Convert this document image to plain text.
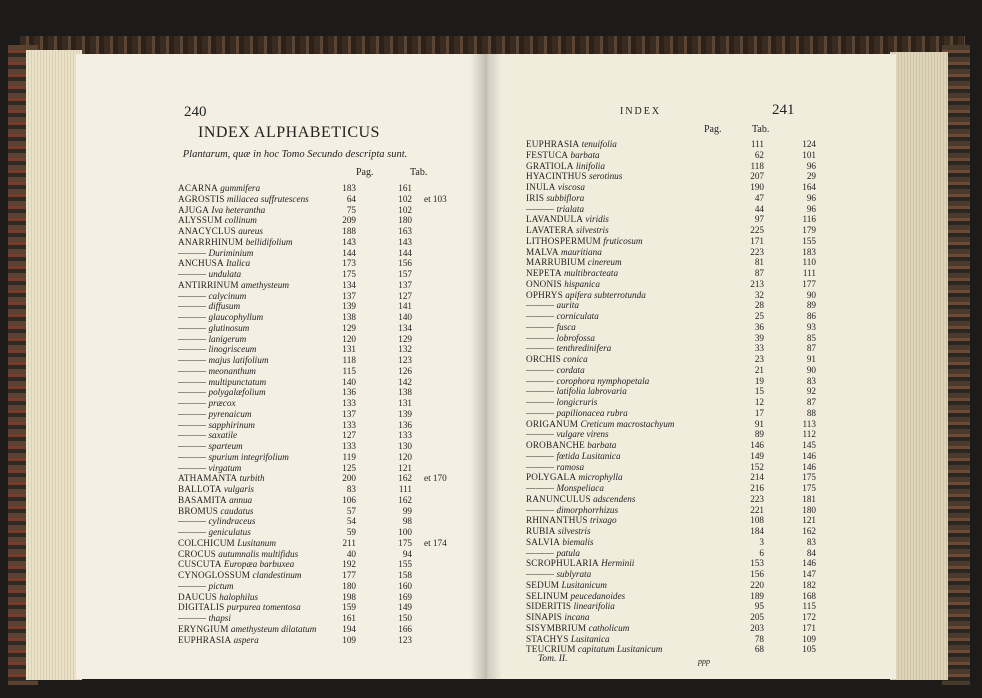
240
INDEX ALPHABETICUS
Plantarum, quæ in hoc Tomo Secundo descripta sunt.
Pag.	Tab.
ACARNA gummifera	183	161
AGROSTIS miliacea suffrutescens	64	102 et 103
AJUGA Iva heterantha	75	102
ALYSSUM collinum	209	180
ANACYCLUS aureus	188	163
ANARRHINUM bellidifolium	143	143
——— Duriminium	144	144
ANCHUSA Italica	173	156
——— undulata	175	157
ANTIRRINUM amethysteum	134	137
——— calycinum	137	127
——— diffusum	139	141
——— glaucophyllum	138	140
——— glutinosum	129	134
——— lanigerum	120	129
——— linogrisceum	131	132
——— majus latifolium	118	123
——— meonanthum	115	126
——— multipunctatum	140	142
——— polygalæfolium	136	138
——— præcox	133	131
——— pyrenaicum	137	139
——— sapphirinum	133	136
——— saxatile	127	133
——— sparteum	133	130
——— spurium integrifolium	119	120
——— virgatum	125	121
ATHAMANTA turbith	200	162 et 170
BALLOTA vulgaris	83	111
BASAMITA annua	106	162
BROMUS caudatus	57	99
——— cylindraceus	54	98
——— geniculatus	59	100
COLCHICUM Lusitanum	211	175 et 174
CROCUS autumnalis multifidus	40	94
CUSCUTA Europæa barbuxea	192	155
CYNOGLOSSUM clandestinum	177	158
——— pictum	180	160
DAUCUS halophilus	198	169
DIGITALIS purpurea tomentosa	159	149
——— thapsi	161	150
ERYNGIUM amethysteum dilatatum	194	166
EUPHRASIA aspera	109	123
INDEX	241
Pag.	Tab.
EUPHRASIA tenuifolia	111	124
FESTUCA barbata	62	101
GRATIOLA linifolia	118	96
HYACINTHUS serotinus	207	29
INULA viscosa	190	164
IRIS subbiflora	47	96
——— trialata	44	96
LAVANDULA viridis	97	116
LAVATERA silvestris	225	179
LITHOSPERMUM fruticosum	171	155
MALVA mauritiana	223	183
MARRUBIUM cinereum	81	110
NEPETA multibracteata	87	111
ONONIS hispanica	213	177
OPHRYS apifera subterrotunda	32	90
——— aurita	28	89
——— corniculata	25	86
——— fusca	36	93
——— lobrofossa	39	85
——— tenthredinifera	33	87
ORCHIS conica	23	91
——— cordata	21	90
——— corophora nymphopetala	19	83
——— latifolia labrovaria	15	92
——— longicruris	12	87
——— papilionacea rubra	17	88
ORIGANUM Creticum macrostachyum	91	113
——— vulgare virens	89	112
OROBANCHE barbata	146	145
——— fœtida Lusitanica	149	146
——— ramosa	152	146
POLYGALA microphylla	214	175
——— Monspeliaca	216	175
RANUNCULUS adscendens	223	181
——— dimorphorrhizus	221	180
RHINANTHUS trixago	108	121
RUBIA silvestris	184	162
SALVIA biemalis	3	83
——— patula	6	84
SCROPHULARIA Herminii	153	146
——— sublyrata	156	147
SEDUM Lusitanicum	220	182
SELINUM peucedanoides	189	168
SIDERITIS linearifolia	95	115
SINAPIS incana	205	172
SISYMBRIUM catholicum	203	171
STACHYS Lusitanica	78	109
TEUCRIUM capitatum Lusitanicum	68	105
Tom. II.	ppp
